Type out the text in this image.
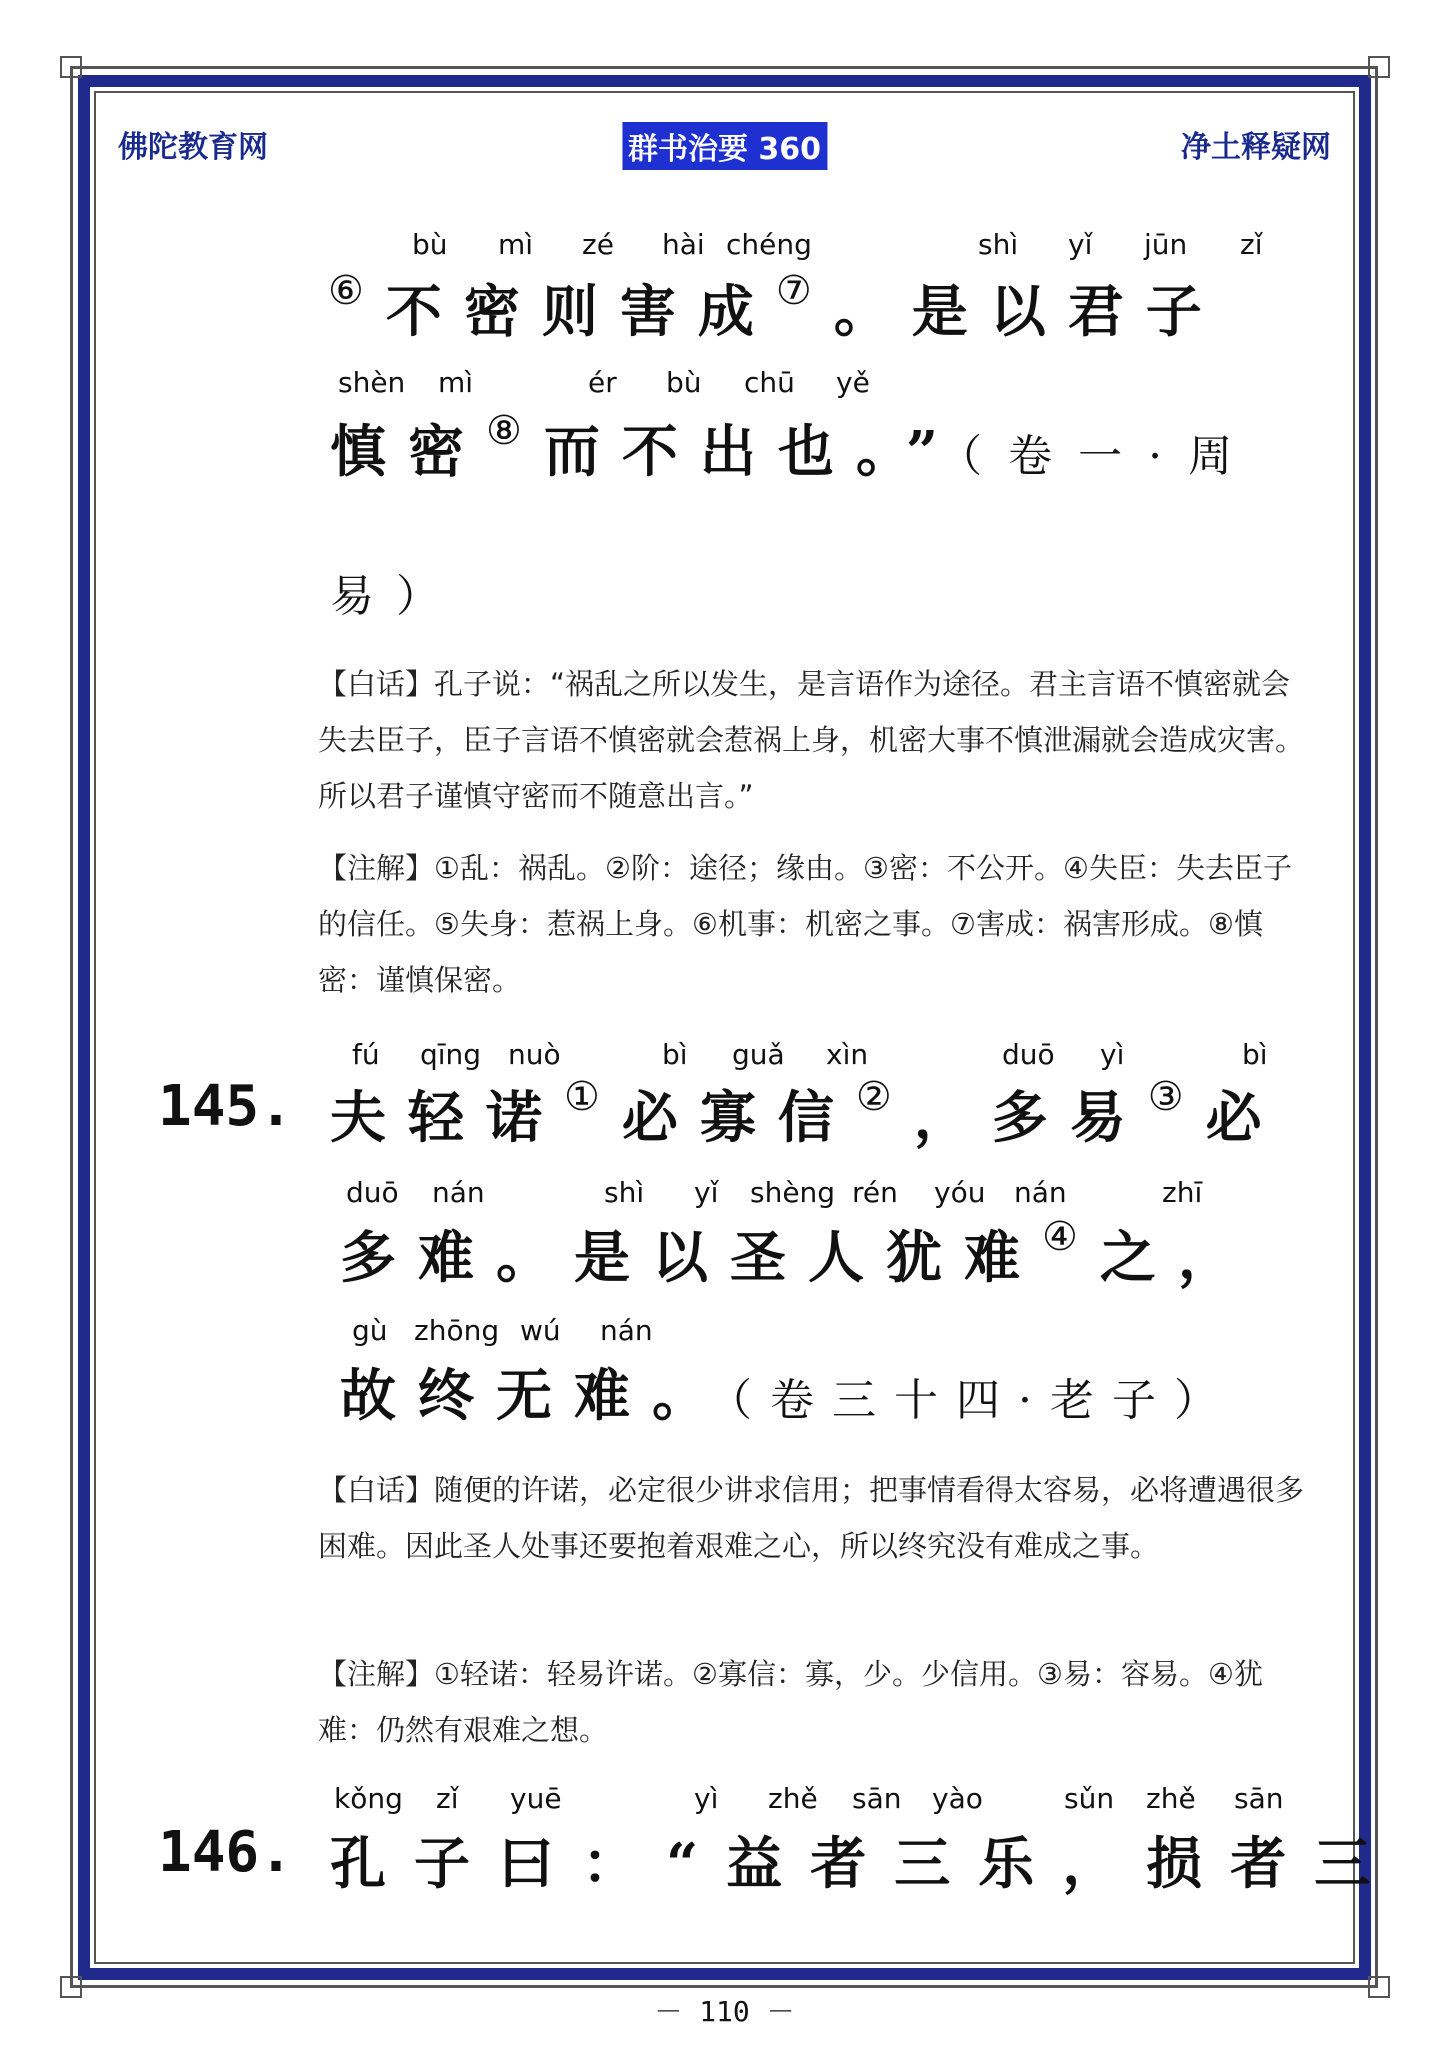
佛陀教育网	群书治要 360	净土释疑网
bù mì zé hài chéng	shì yǐ jūn zǐ
⑥不密则害成⑦。是以君子
shèn mì	ér bù chū yě
慎密⑧而不出也。”（卷一·周
易）
【白话】孔子说：“祸乱之所以发生，是言语作为途径。君主言语不慎密就会失去臣子，臣子言语不慎密就会惹祸上身，机密大事不慎泄漏就会造成灾害。所以君子谨慎守密而不随意出言。”
【注解】①乱：祸乱。②阶：途径；缘由。③密：不公开。④失臣：失去臣子的信任。⑤失身：惹祸上身。⑥机事：机密之事。⑦害成：祸害形成。⑧慎密：谨慎保密。
fú qīng nuò	bì guǎ xìn	duō yì	bì
145. 夫轻诺①必寡信②，多易③必
duō nán	shì yǐ shèng rén yóu nán	zhī
多难。是以圣人犹难④之，
gù zhōng wú nán
故终无难。（卷三十四·老子）
【白话】随便的许诺，必定很少讲求信用；把事情看得太容易，必将遭遇很多困难。因此圣人处事还要抱着艰难之心，所以终究没有难成之事。
【注解】①轻诺：轻易许诺。②寡信：寡，少。少信用。③易：容易。④犹难：仍然有艰难之想。
kǒng zǐ yuē	yì zhě sān yào	sǔn zhě sān
146. 孔子曰：“益者三乐，损者三
－ 110 －
